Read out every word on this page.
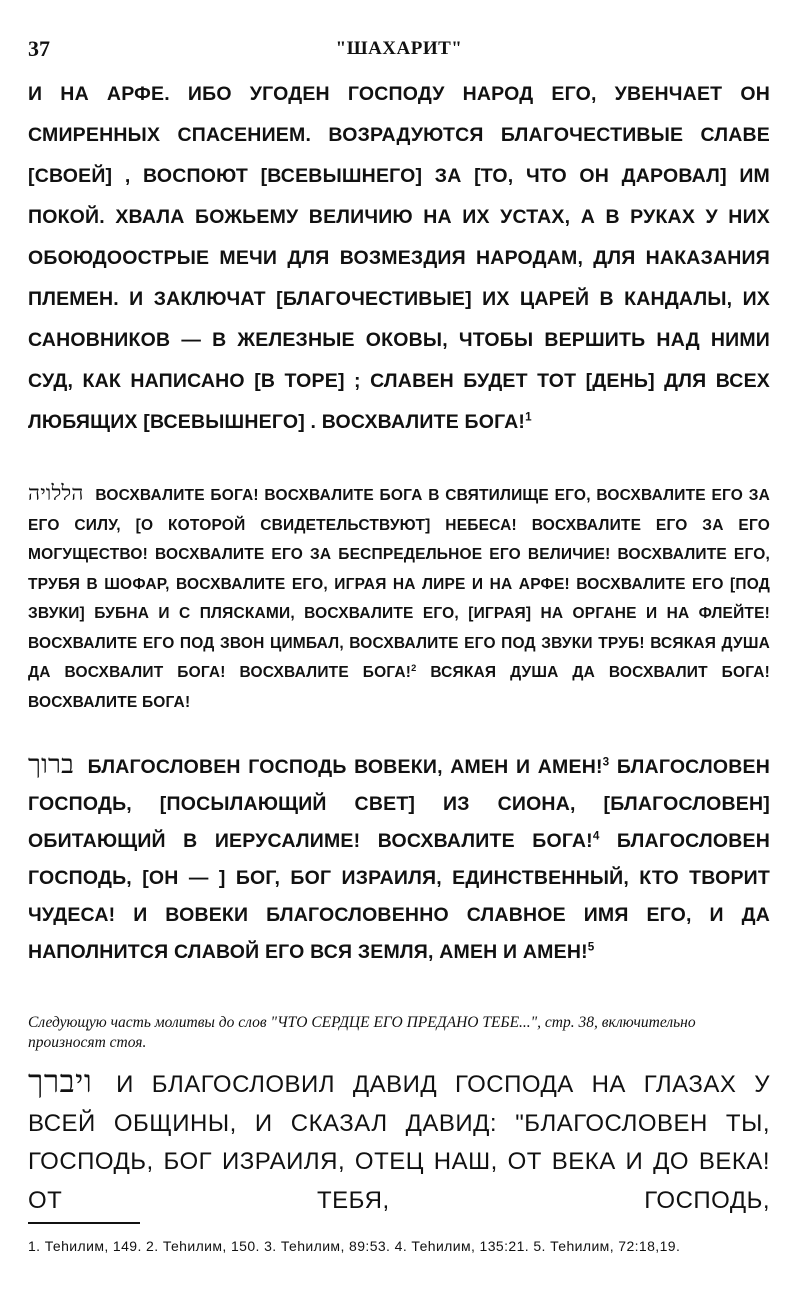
37	"ШАХАРИТ"

И НА АРФЕ. ИБО УГОДЕН ГОСПОДУ НАРОД ЕГО, УВЕНЧАЕТ ОН СМИРЕННЫХ СПАСЕНИЕМ. ВОЗРАДУЮТСЯ БЛАГОЧЕСТИВЫЕ СЛАВЕ [СВОЕЙ] , ВОСПОЮТ [ВСЕВЫШНЕГО] ЗА [ТО, ЧТО ОН ДАРОВАЛ] ИМ ПОКОЙ. ХВАЛА БОЖЬЕМУ ВЕЛИЧИЮ НА ИХ УСТАХ, А В РУКАХ У НИХ ОБОЮДООСТРЫЕ МЕЧИ ДЛЯ ВОЗМЕЗДИЯ НАРОДАМ, ДЛЯ НАКАЗАНИЯ ПЛЕМЕН. И ЗАКЛЮЧАТ [БЛАГОЧЕСТИВЫЕ] ИХ ЦАРЕЙ В КАНДАЛЫ, ИХ САНОВНИКОВ — В ЖЕЛЕЗНЫЕ ОКОВЫ, ЧТОБЫ ВЕРШИТЬ НАД НИМИ СУД, КАК НАПИСАНО [В ТОРЕ] ; СЛАВЕН БУДЕТ ТОТ [ДЕНЬ] ДЛЯ ВСЕХ ЛЮБЯЩИХ [ВСЕВЫШНЕГО] . ВОСХВАЛИТЕ БОГА!$^1$

הללויה ВОСХВАЛИТЕ БОГА! ВОСХВАЛИТЕ БОГА В СВЯТИЛИЩЕ ЕГО, ВОСХВАЛИТЕ ЕГО ЗА ЕГО СИЛУ, [О КОТОРОЙ СВИДЕТЕЛЬСТВУЮТ] НЕБЕСА! ВОСХВАЛИТЕ ЕГО ЗА ЕГО МОГУЩЕСТВО! ВОСХВАЛИТЕ ЕГО ЗА БЕСПРЕДЕЛЬНОЕ ЕГО ВЕЛИЧИЕ! ВОСХВАЛИТЕ ЕГО, ТРУБЯ В ШОФАР, ВОСХВАЛИТЕ ЕГО, ИГРАЯ НА ЛИРЕ И НА АРФЕ! ВОСХВАЛИТЕ ЕГО [ПОД ЗВУКИ] БУБНА И С ПЛЯСКАМИ, ВОСХВАЛИТЕ ЕГО, [ИГРАЯ] НА ОРГАНЕ И НА ФЛЕЙТЕ! ВОСХВАЛИТЕ ЕГО ПОД ЗВОН ЦИМБАЛ, ВОСХВАЛИТЕ ЕГО ПОД ЗВУКИ ТРУБ! ВСЯКАЯ ДУША ДА ВОСХВАЛИТ БОГА! ВОСХВАЛИТЕ БОГА!$^2$ ВСЯКАЯ ДУША ДА ВОСХВАЛИТ БОГА! ВОСХВАЛИТЕ БОГА!

ברוך БЛАГОСЛОВЕН ГОСПОДЬ ВОВЕКИ, АМЕН И АМЕН!$^3$ БЛАГОСЛОВЕН ГОСПОДЬ, [ПОСЫЛАЮЩИЙ СВЕТ] ИЗ СИОНА, [БЛАГОСЛОВЕН] ОБИТАЮЩИЙ В ИЕРУСАЛИМЕ! ВОСХВАЛИТЕ БОГА!$^4$ БЛАГОСЛОВЕН ГОСПОДЬ, [ОН — ] БОГ, БОГ ИЗРАИЛЯ, ЕДИНСТВЕННЫЙ, КТО ТВОРИТ ЧУДЕСА! И ВОВЕКИ БЛАГОСЛОВЕННО СЛАВНОЕ ИМЯ ЕГО, И ДА НАПОЛНИТСЯ СЛАВОЙ ЕГО ВСЯ ЗЕМЛЯ, АМЕН И АМЕН!$^5$

Следующую часть молитвы до слов "ЧТО СЕРДЦЕ ЕГО ПРЕДАНО ТЕБЕ...", стр. 38, включительно произносят стоя.

ויברך И БЛАГОСЛОВИЛ ДАВИД ГОСПОДА НА ГЛАЗАХ У ВСЕЙ ОБЩИНЫ, И СКАЗАЛ ДАВИД: "БЛАГОСЛОВЕН ТЫ, ГОСПОДЬ, БОГ ИЗРАИЛЯ, ОТЕЦ НАШ, ОТ ВЕКА И ДО ВЕКА! ОТ ТЕБЯ, ГОСПОДЬ,

1. Теһилим, 149. 2. Теһилим, 150. 3. Теһилим, 89:53. 4. Теһилим, 135:21. 5. Теһилим, 72:18,19.
